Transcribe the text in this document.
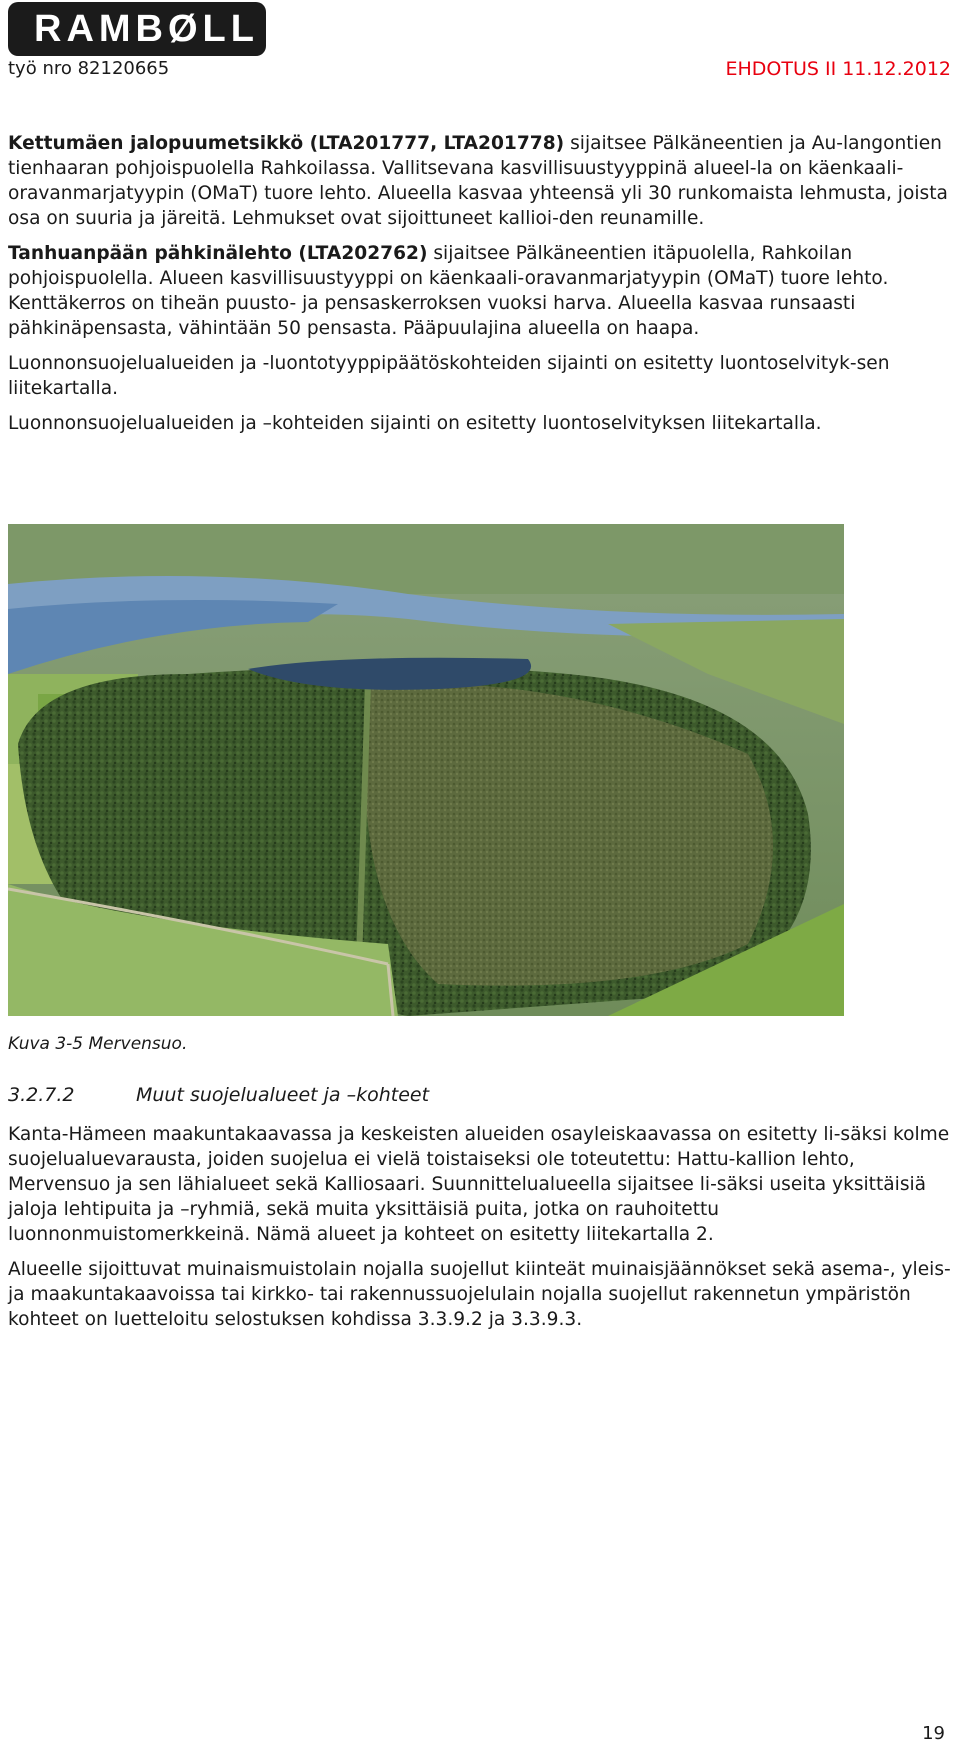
RAMBØLL
työ nro 82120665	EHDOTUS II 11.12.2012

Kettumäen jalopuumetsikkö (LTA201777, LTA201778) sijaitsee Pälkäneentien ja Au-langontien tienhaaran pohjoispuolella Rahkoilassa. Vallitsevana kasvillisuustyyppinä alueel-la on käenkaali-oravanmarjatyypin (OMaT) tuore lehto. Alueella kasvaa yhteensä yli 30 runkomaista lehmusta, joista osa on suuria ja järeitä. Lehmukset ovat sijoittuneet kallioi-den reunamille.

Tanhuanpään pähkinälehto (LTA202762) sijaitsee Pälkäneentien itäpuolella, Rahkoilan pohjoispuolella. Alueen kasvillisuustyyppi on käenkaali-oravanmarjatyypin (OMaT) tuore lehto. Kenttäkerros on tiheän puusto- ja pensaskerroksen vuoksi harva. Alueella kasvaa runsaasti pähkinäpensasta, vähintään 50 pensasta. Pääpuulajina alueella on haapa.

Luonnonsuojelualueiden ja -luontotyyppipäätöskohteiden sijainti on esitetty luontoselvityk-sen liitekartalla.

Luonnonsuojelualueiden ja –kohteiden sijainti on esitetty luontoselvityksen liitekartalla.

Kuva 3-5 Mervensuo.
3.2.7.2	Muut suojelualueet ja –kohteet

Kanta-Hämeen maakuntakaavassa ja keskeisten alueiden osayleiskaavassa on esitetty li-säksi kolme suojelualuevarausta, joiden suojelua ei vielä toistaiseksi ole toteutettu: Hattu-kallion lehto, Mervensuo ja sen lähialueet sekä Kalliosaari. Suunnittelualueella sijaitsee li-säksi useita yksittäisiä jaloja lehtipuita ja –ryhmiä, sekä muita yksittäisiä puita, jotka on rauhoitettu luonnonmuistomerkkeinä. Nämä alueet ja kohteet on esitetty liitekartalla 2.

Alueelle sijoittuvat muinaismuistolain nojalla suojellut kiinteät muinaisjäännökset sekä asema-, yleis- ja maakuntakaavoissa tai kirkko- tai rakennussuojelulain nojalla suojellut rakennetun ympäristön kohteet on luetteloitu selostuksen kohdissa 3.3.9.2 ja 3.3.9.3.

19
